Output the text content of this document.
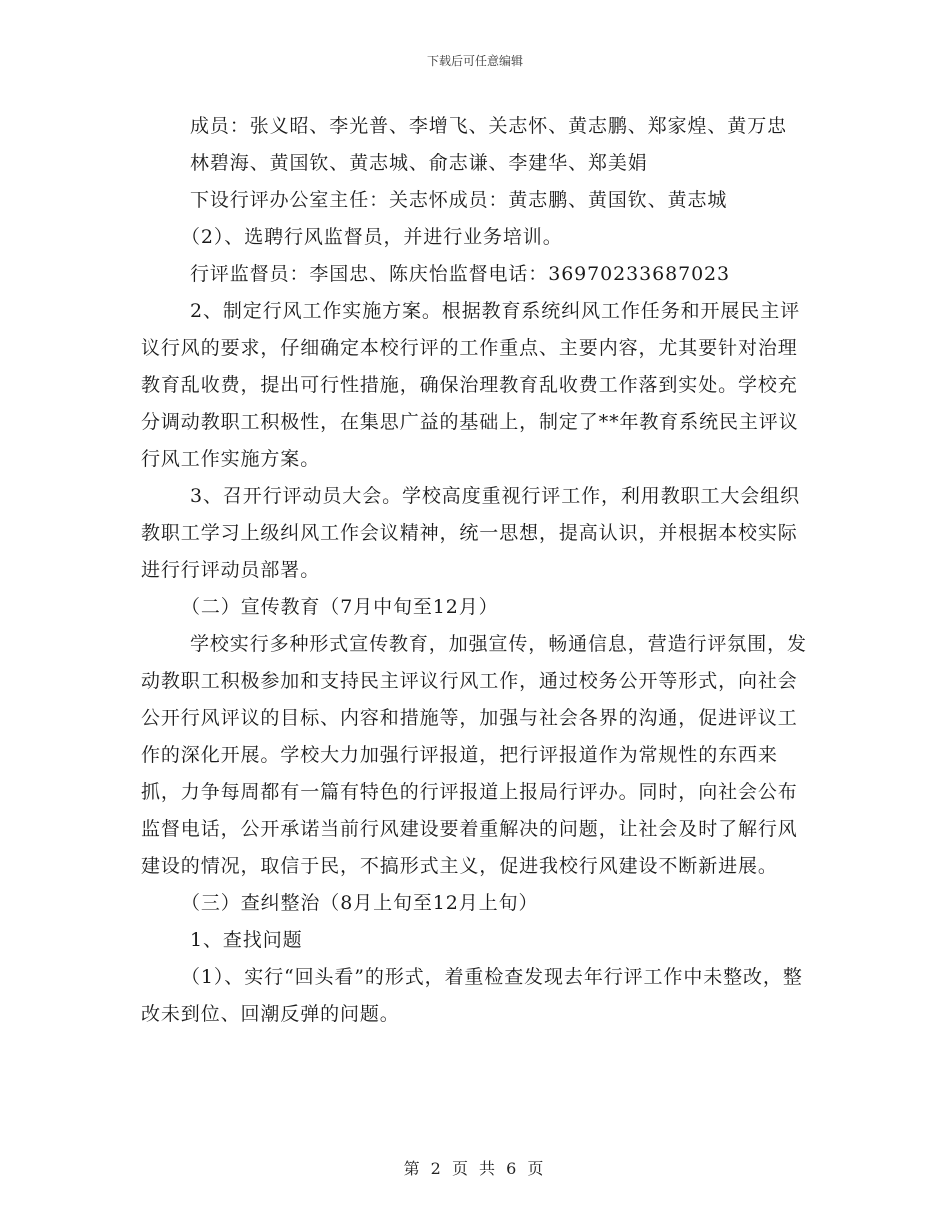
下载后可任意编辑

成员：张义昭、李光普、李增飞、关志怀、黄志鹏、郑家煌、黄万忠

林碧海、黄国钦、黄志城、俞志谦、李建华、郑美娟

下设行评办公室主任：关志怀成员：黄志鹏、黄国钦、黄志城

（2）、选聘行风监督员，并进行业务培训。

行评监督员：李国忠、陈庆怡监督电话：36970233687023

2、制定行风工作实施方案。根据教育系统纠风工作任务和开展民主评议行风的要求，仔细确定本校行评的工作重点、主要内容，尤其要针对治理教育乱收费，提出可行性措施，确保治理教育乱收费工作落到实处。学校充分调动教职工积极性，在集思广益的基础上，制定了**年教育系统民主评议行风工作实施方案。

3、召开行评动员大会。学校高度重视行评工作，利用教职工大会组织教职工学习上级纠风工作会议精神，统一思想，提高认识，并根据本校实际进行行评动员部署。

（二）宣传教育（7月中旬至12月）

学校实行多种形式宣传教育，加强宣传，畅通信息，营造行评氛围，发动教职工积极参加和支持民主评议行风工作，通过校务公开等形式，向社会公开行风评议的目标、内容和措施等，加强与社会各界的沟通，促进评议工作的深化开展。学校大力加强行评报道，把行评报道作为常规性的东西来抓，力争每周都有一篇有特色的行评报道上报局行评办。同时，向社会公布监督电话，公开承诺当前行风建设要着重解决的问题，让社会及时了解行风建设的情况，取信于民，不搞形式主义，促进我校行风建设不断新进展。

（三）查纠整治（8月上旬至12月上旬）

1、查找问题

（1）、实行“回头看”的形式，着重检查发现去年行评工作中未整改，整改未到位、回潮反弹的问题。

第 2 页 共 6 页
